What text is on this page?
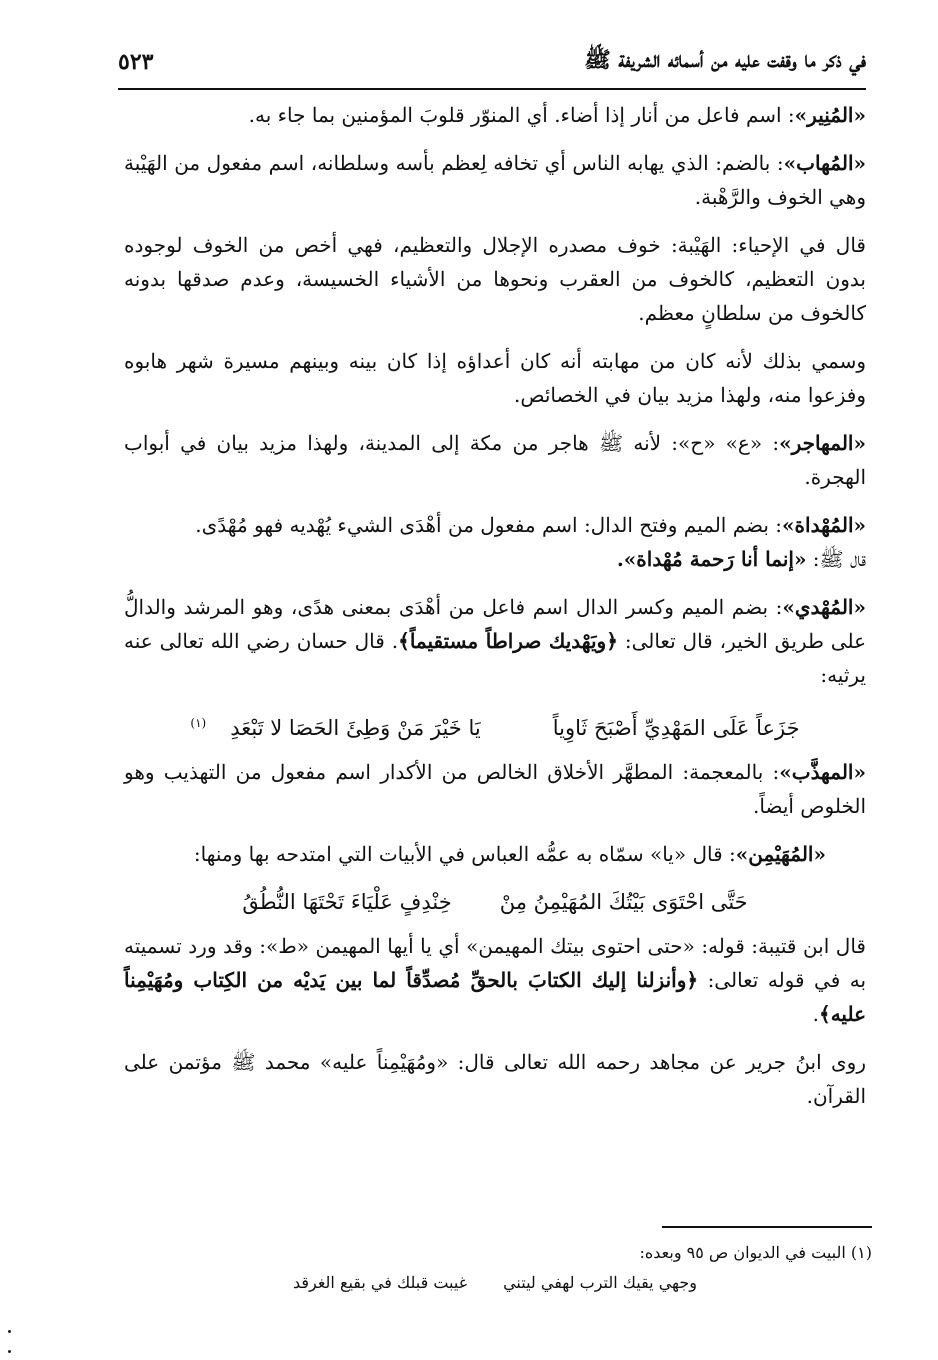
في ذكر ما وقفت عليه من أسمائه الشريفة ﷺ
٥٢٣

«المُنِير»: اسم فاعل من أنار إذا أضاء. أي المنوّر قلوبَ المؤمنين بما جاء به.

«المُهاب»: بالضم: الذي يهابه الناس أي تخافه لِعظم بأسه وسلطانه، اسم مفعول من الهَيْبة وهي الخوف والرَّهْبة.

قال في الإحياء: الهَيْبة: خوف مصدره الإجلال والتعظيم، فهي أخص من الخوف لوجوده بدون التعظيم، كالخوف من العقرب ونحوها من الأشياء الخسيسة، وعدم صدقها بدونه كالخوف من سلطانٍ معظم.

وسمي بذلك لأنه كان من مهابته أنه كان أعداؤه إذا كان بينه وبينهم مسيرة شهر هابوه وفزعوا منه، ولهذا مزيد بيان في الخصائص.

«المهاجر»: «ع» «ح»: لأنه ﷺ هاجر من مكة إلى المدينة، ولهذا مزيد بيان في أبواب الهجرة.

«المُهْداة»: بضم الميم وفتح الدال: اسم مفعول من أهْدَى الشيء يُهْديه فهو مُهْدًى.
قال ﷺ: «إنما أنا رَحمة مُهْداة».

«المُهْدي»: بضم الميم وكسر الدال اسم فاعل من أهْدَى بمعنى هدًى، وهو المرشد والدالُّ على طريق الخير، قال تعالى: ﴿ويَهْديك صراطاً مستقيماً﴾. قال حسان رضي الله تعالى عنه يرثيه:

جَزَعاً عَلَى المَهْدِيِّ أَصْبَحَ ثَاوِياًيَا خَيْرَ مَنْ وَطِئَ الحَصَا لا تَبْعَدِ$^{(١)}$

«المهذَّب»: بالمعجمة: المطهَّر الأخلاق الخالص من الأكدار اسم مفعول من التهذيب وهو الخلوص أيضاً.

«المُهَيْمِن»: قال «يا» سمّاه به عمُّه العباس في الأبيات التي امتدحه بها ومنها:

حَتَّى احْتَوَى بَيْتُكَ المُهَيْمِنُ مِنْخِنْدِفٍ عَلْيَاءَ تَحْتَهَا النُّطُقُ

قال ابن قتيبة: قوله: «حتى احتوى بيتك المهيمن» أي يا أيها المهيمن «ط»: وقد ورد تسميته به في قوله تعالى: ﴿وأنزلنا إليك الكتابَ بالحقِّ مُصدِّقاً لما بين يَديْه من الكِتاب ومُهَيْمِناً عليه﴾.

روى ابنُ جرير عن مجاهد رحمه الله تعالى قال: «ومُهَيْمِناً عليه» محمد ﷺ مؤتمن على القرآن.

(١) البيت في الديوان ص ٩٥ وبعده:
وجهي يقيك الترب لهفي ليتنيغيبت قبلك في بقيع الغرقد
